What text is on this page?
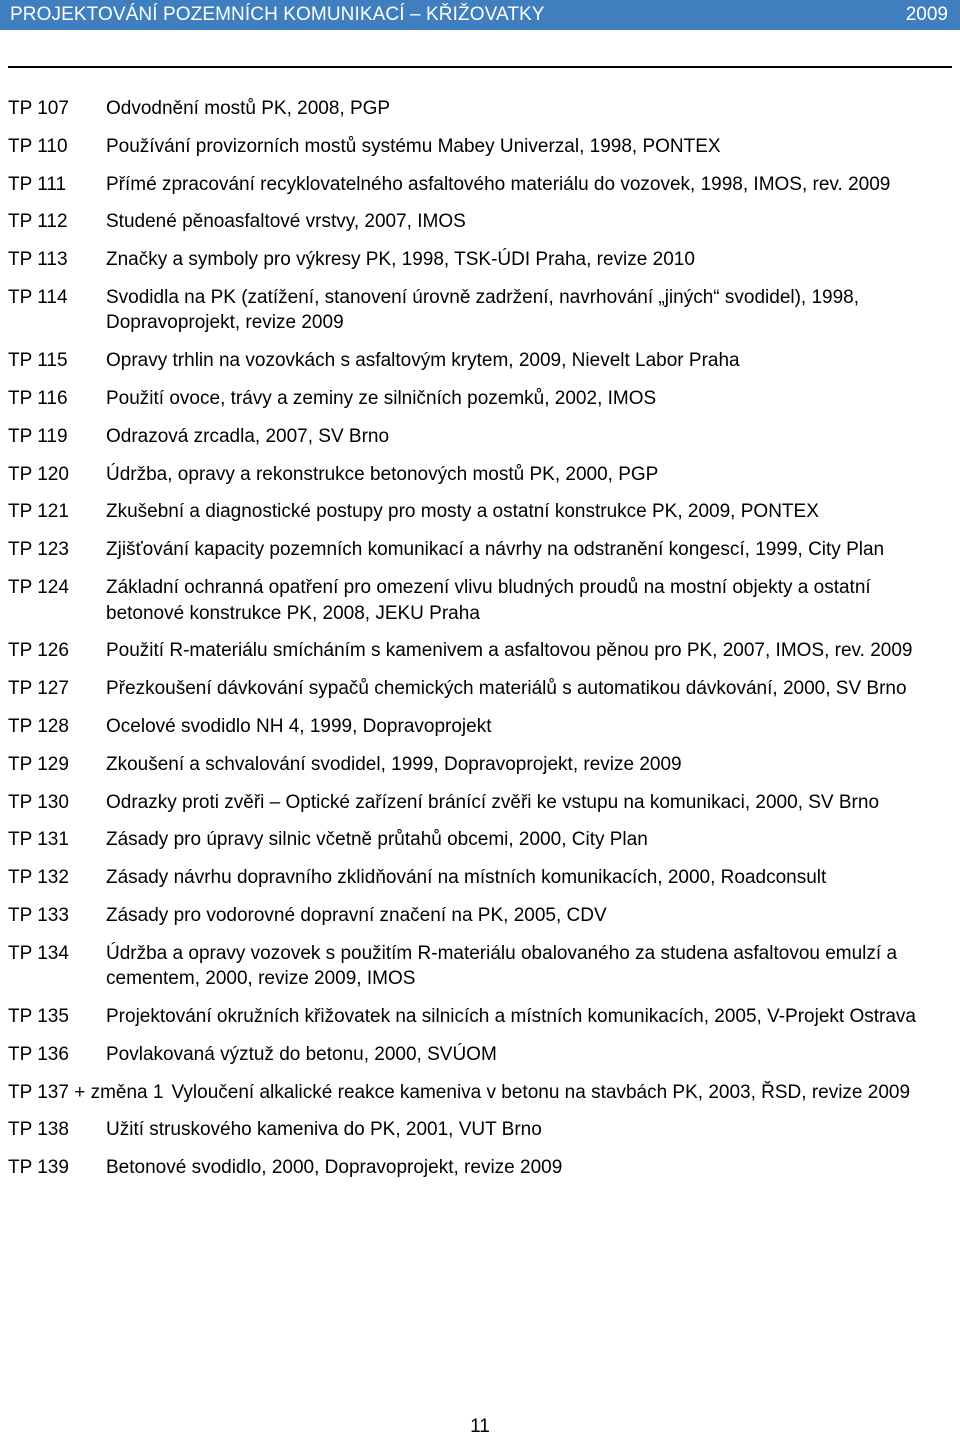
PROJEKTOVÁNÍ POZEMNÍCH KOMUNIKACÍ – KŘIŽOVATKY	2009
TP 107	Odvodnění mostů PK, 2008, PGP
TP 110	Používání provizorních mostů systému Mabey Univerzal, 1998, PONTEX
TP 111	Přímé zpracování recyklovatelného asfaltového materiálu do vozovek, 1998, IMOS, rev. 2009
TP 112	Studené pěnoasfaltové vrstvy, 2007, IMOS
TP 113	Značky a symboly pro výkresy PK, 1998, TSK-ÚDI Praha, revize 2010
TP 114	Svodidla na PK (zatížení, stanovení úrovně zadržení, navrhování „jiných“ svodidel), 1998, Dopravoprojekt, revize 2009
TP 115	Opravy trhlin na vozovkách s asfaltovým krytem, 2009, Nievelt Labor Praha
TP 116	Použití ovoce, trávy a zeminy ze silničních pozemků, 2002, IMOS
TP 119	Odrazová zrcadla, 2007, SV Brno
TP 120	Údržba, opravy a rekonstrukce betonových mostů PK, 2000, PGP
TP 121	Zkušební a diagnostické postupy pro mosty a ostatní konstrukce PK, 2009, PONTEX
TP 123	Zjišťování kapacity pozemních komunikací a návrhy na odstranění kongescí, 1999, City Plan
TP 124	Základní ochranná opatření pro omezení vlivu bludných proudů na mostní objekty a ostatní betonové konstrukce PK, 2008, JEKU Praha
TP 126	Použití R-materiálu smícháním s kamenivem a asfaltovou pěnou pro PK, 2007, IMOS, rev. 2009
TP 127	Přezkoušení dávkování sypačů chemických materiálů s automatikou dávkování, 2000, SV Brno
TP 128	Ocelové svodidlo NH 4, 1999, Dopravoprojekt
TP 129	Zkoušení a schvalování svodidel, 1999, Dopravoprojekt, revize 2009
TP 130	Odrazky proti zvěři – Optické zařízení bránící zvěři ke vstupu na komunikaci, 2000, SV Brno
TP 131	Zásady pro úpravy silnic včetně průtahů obcemi, 2000, City Plan
TP 132	Zásady návrhu dopravního zklidňování na místních komunikacích, 2000, Roadconsult
TP 133	Zásady pro vodorovné dopravní značení na PK, 2005, CDV
TP 134	Údržba a opravy vozovek s použitím R-materiálu obalovaného za studena asfaltovou emulzí a cementem, 2000, revize 2009, IMOS
TP 135	Projektování okružních křižovatek na silnicích a místních komunikacích, 2005, V-Projekt Ostrava
TP 136	Povlakovaná výztuž do betonu, 2000, SVÚOM
TP 137 + změna 1 Vyloučení alkalické reakce kameniva v betonu na stavbách PK, 2003, ŘSD, revize 2009
TP 138	Užití struskového kameniva do PK, 2001, VUT Brno
TP 139	Betonové svodidlo, 2000, Dopravoprojekt, revize 2009
11
